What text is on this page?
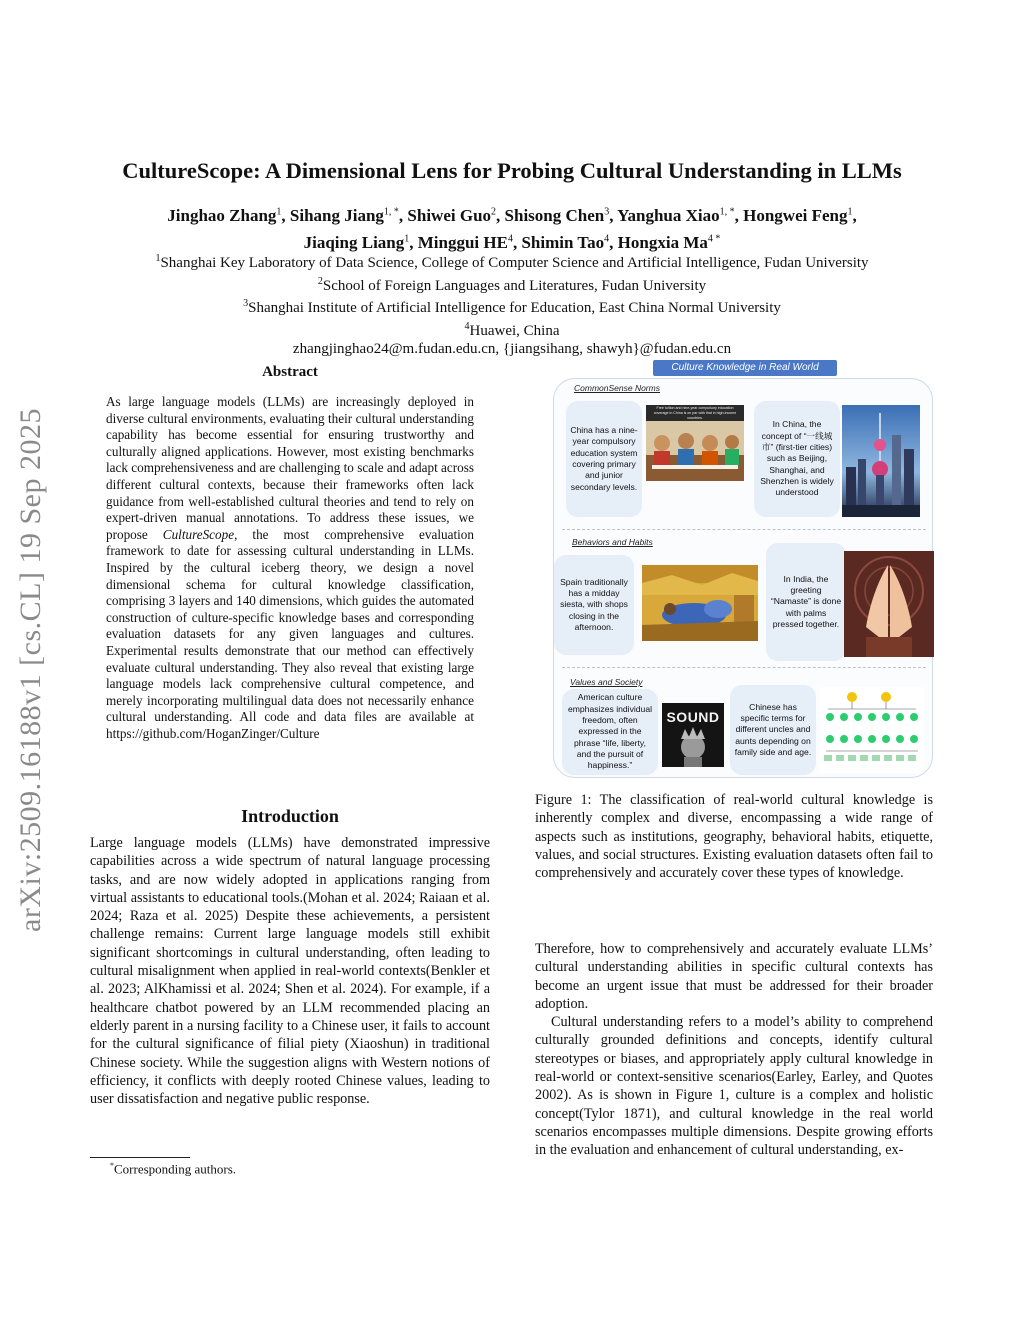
arXiv:2509.16188v1 [cs.CL] 19 Sep 2025
CultureScope: A Dimensional Lens for Probing Cultural Understanding in LLMs
Jinghao Zhang$^1$, Sihang Jiang$^{1, *}$, Shiwei Guo$^2$, Shisong Chen$^3$, Yanghua Xiao$^{1, *}$, Hongwei Feng$^1$,
Jiaqing Liang$^1$, Minggui $HE^4$, Shimin Tao$^4$, Hongxia $Ma^{4 *}$
$^1$Shanghai Key Laboratory of Data Science, College of Computer Science and Artificial Intelligence, Fudan University
$^2$School of Foreign Languages and Literatures, Fudan University
$^3$Shanghai Institute of Artificial Intelligence for Education, East China Normal University
$^4$Huawei, China
zhangjinghao24@m.fudan.edu.cn, {jiangsihang, shawyh}@fudan.edu.cn
Abstract
As large language models (LLMs) are increasingly deployed in diverse cultural environments, evaluating their cultural understanding capability has become essential for ensuring trustworthy and culturally aligned applications. However, most existing benchmarks lack comprehensiveness and are challenging to scale and adapt across different cultural contexts, because their frameworks often lack guidance from well-established cultural theories and tend to rely on expert-driven manual annotations. To address these issues, we propose CultureScope, the most comprehensive evaluation framework to date for assessing cultural understanding in LLMs. Inspired by the cultural iceberg theory, we design a novel dimensional schema for cultural knowledge classification, comprising 3 layers and 140 dimensions, which guides the automated construction of culture-specific knowledge bases and corresponding evaluation datasets for any given languages and cultures. Experimental results demonstrate that our method can effectively evaluate cultural understanding. They also reveal that existing large language models lack comprehensive cultural competence, and merely incorporating multilingual data does not necessarily enhance cultural understanding. All code and data files are available at https://github.com/HoganZinger/Culture
Introduction
Large language models (LLMs) have demonstrated impressive capabilities across a wide spectrum of natural language processing tasks, and are now widely adopted in applications ranging from virtual assistants to educational tools.(Mohan et al. 2024; Raiaan et al. 2024; Raza et al. 2025) Despite these achievements, a persistent challenge remains: Current large language models still exhibit significant shortcomings in cultural understanding, often leading to cultural misalignment when applied in real-world contexts(Benkler et al. 2023; AlKhamissi et al. 2024; Shen et al. 2024). For example, if a healthcare chatbot powered by an LLM recommended placing an elderly parent in a nursing facility to a Chinese user, it fails to account for the cultural significance of filial piety (Xiaoshun) in traditional Chinese society. While the suggestion aligns with Western notions of efficiency, it conflicts with deeply rooted Chinese values, leading to user dissatisfaction and negative public response.
*Corresponding authors.
Culture Knowledge in Real World
CommonSense Norms
China has a nine-year compulsory education system covering primary and junior secondary levels.
Free tuition and nine-year compulsory education coverage in China is on par with that in high-income countries.
In China, the concept of “一线城市” (first-tier cities) such as Beijing, Shanghai, and Shenzhen is widely understood
Behaviors and Habits
Spain traditionally has a midday siesta, with shops closing in the afternoon.
In India, the greeting “Namaste” is done with palms pressed together.
Values and Society
American culture emphasizes individual freedom, often expressed in the phrase “life, liberty, and the pursuit of happiness.”
SOUND
Chinese has specific terms for different uncles and aunts depending on family side and age.
Figure 1: The classification of real-world cultural knowledge is inherently complex and diverse, encompassing a wide range of aspects such as institutions, geography, behavioral habits, etiquette, values, and social structures. Existing evaluation datasets often fail to comprehensively and accurately cover these types of knowledge.

Therefore, how to comprehensively and accurately evaluate LLMs’ cultural understanding abilities in specific cultural contexts has become an urgent issue that must be addressed for their broader adoption.

Cultural understanding refers to a model’s ability to comprehend culturally grounded definitions and concepts, identify cultural stereotypes or biases, and appropriately apply cultural knowledge in real-world or context-sensitive scenarios(Earley, Earley, and Quotes 2002). As is shown in Figure 1, culture is a complex and holistic concept(Tylor 1871), and cultural knowledge in the real world scenarios encompasses multiple dimensions. Despite growing efforts in the evaluation and enhancement of cultural understanding, ex-
